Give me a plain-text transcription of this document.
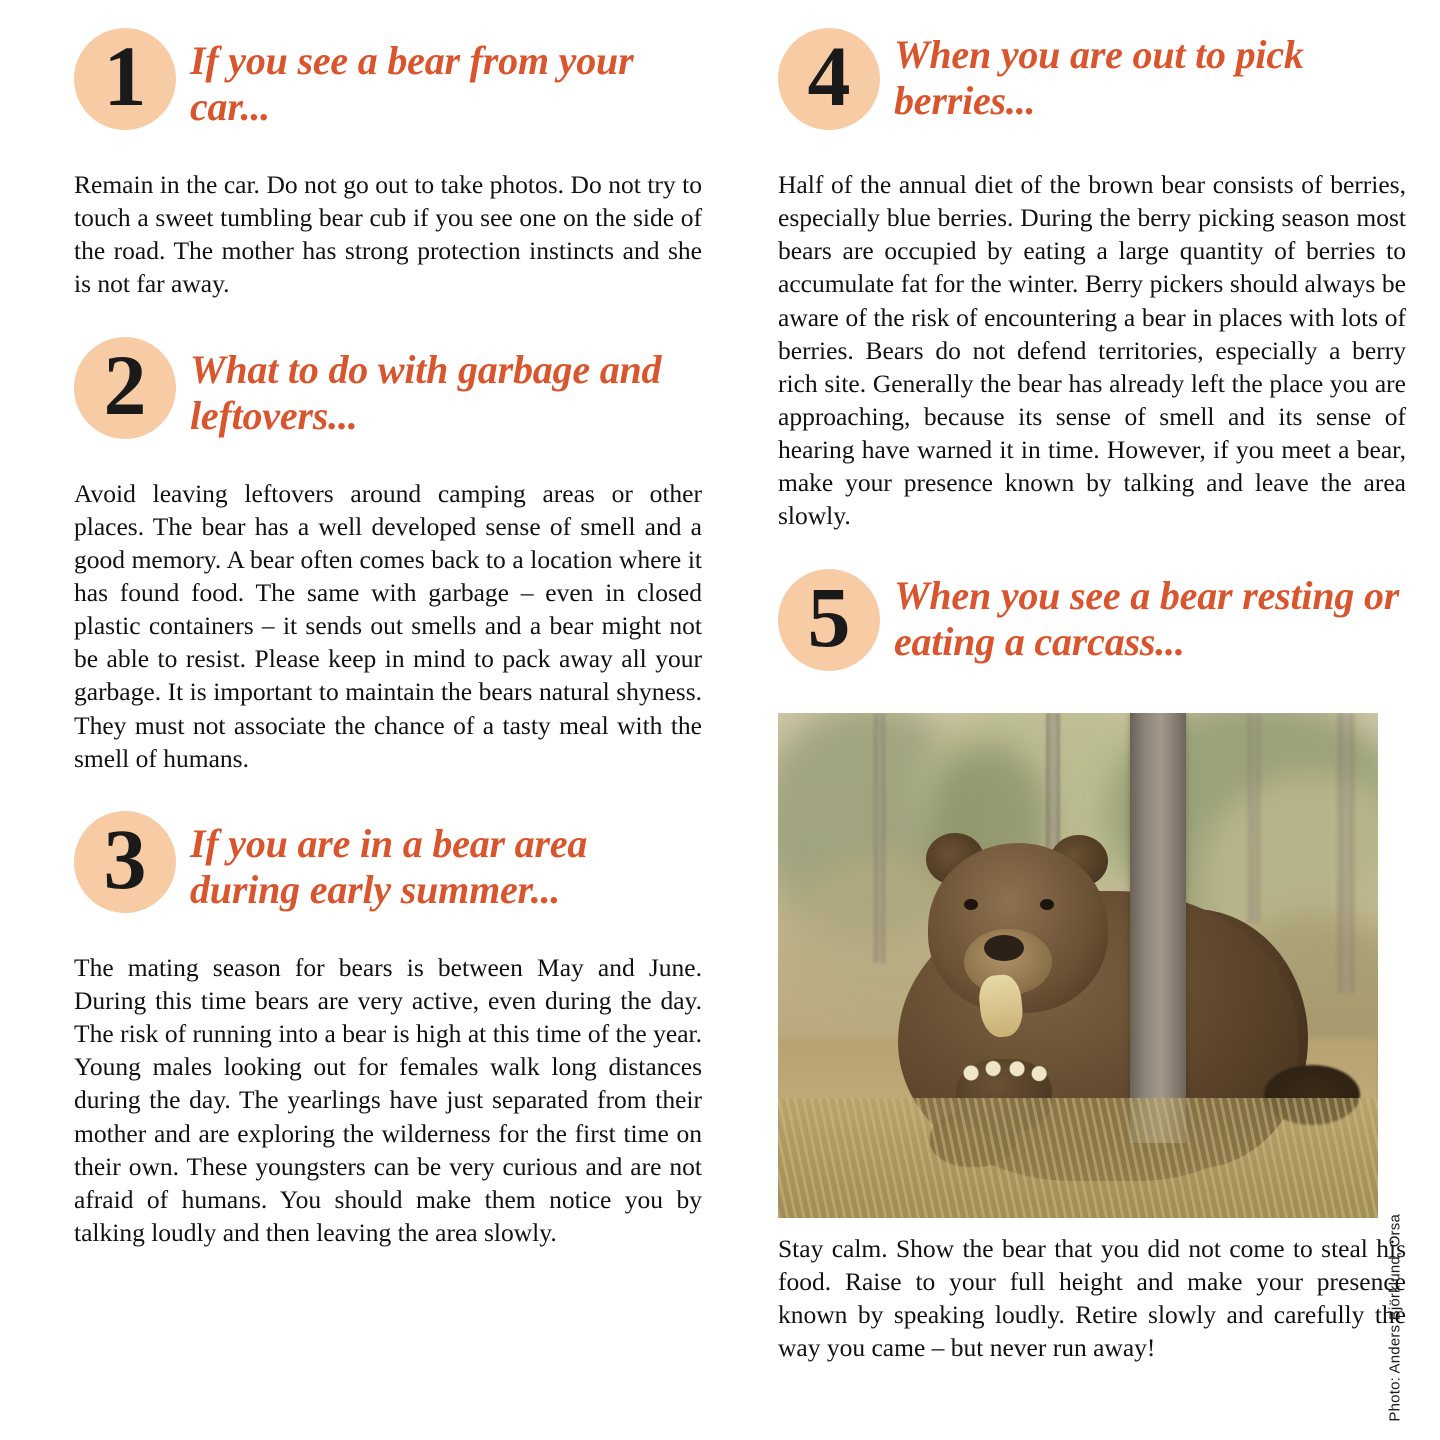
1	If you see a bear from your car...
Remain in the car. Do not go out to take photos. Do not try to touch a sweet tumbling bear cub if you see one on the side of the road. The mother has strong protection instincts and she is not far away.
2	What to do with garbage and leftovers...
Avoid leaving leftovers around camping areas or other places. The bear has a well developed sense of smell and a good memory. A bear often comes back to a location where it has found food. The same with garbage – even in closed plastic containers – it sends out smells and a bear might not be able to resist. Please keep in mind to pack away all your garbage. It is important to maintain the bears natural shyness. They must not associate the chance of a tasty meal with the smell of humans.
3	If you are in a bear area during early summer...
The mating season for bears is between May and June. During this time bears are very active, even during the day. The risk of running into a bear is high at this time of the year. Young males looking out for females walk long distances during the day. The yearlings have just separated from their mother and are exploring the wilderness for the first time on their own. These youngsters can be very curious and are not afraid of humans. You should make them notice you by talking loudly and then leaving the area slowly.
4	When you are out to pick berries...
Half of the annual diet of the brown bear consists of berries, especially blue berries. During the berry picking season most bears are occupied by eating a large quantity of berries to accumulate fat for the winter. Berry pickers should always be aware of the risk of encountering a bear in places with lots of berries. Bears do not defend territories, especially a berry rich site. Generally the bear has already left the place you are approaching, because its sense of smell and its sense of hearing have warned it in time. However, if you meet a bear, make your presence known by talking and leave the area slowly.
5	When you see a bear resting or eating a carcass...
Photo: Anders Björklund, Orsa
Stay calm. Show the bear that you did not come to steal his food. Raise to your full height and make your presence known by speaking loudly. Retire slowly and carefully the way you came – but never run away!
